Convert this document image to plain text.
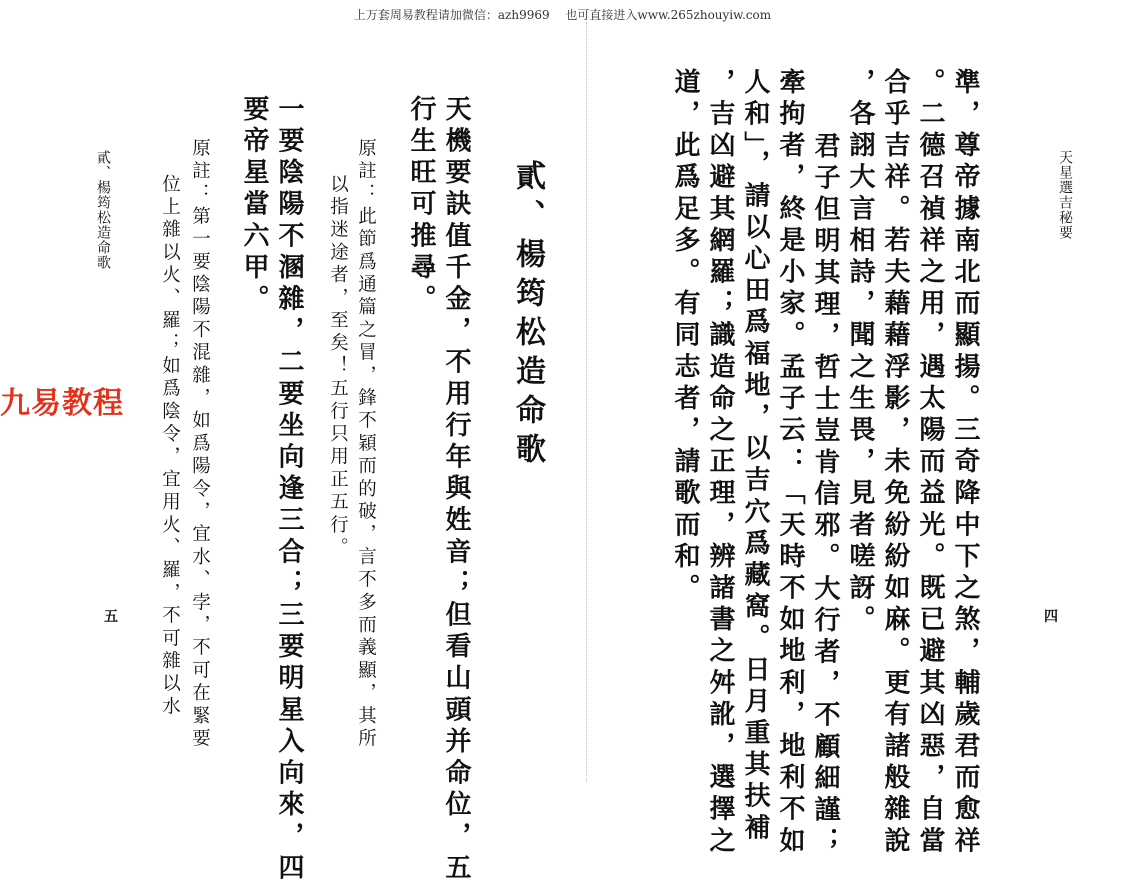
上万套周易教程请加微信：azh9969　 也可直接进入www.265zhouyiw.com
天星選吉秘要
四
準，尊帝據南北而顯揚。三奇降中下之煞，輔歲君而愈祥
。二德召禎祥之用，遇太陽而益光。既已避其凶惡，自當
合乎吉祥。若夫藉藉浮影，未免紛紛如麻。更有諸般雜說
，各詡大言相詩，聞之生畏，見者嗟訝。
君子但明其理，哲士豈肯信邪。大行者，不顧細謹；
牽拘者，終是小家。孟子云：「天時不如地利，地利不如
人和」，請以心田爲福地，以吉穴爲藏窩。日月重其扶補
，吉凶避其網羅；識造命之正理，辨諸書之舛訛，選擇之
道，此爲足多。有同志者，請歌而和。
貳、楊筠松造命歌
天機要訣值千金，不用行年與姓音；但看山頭并命位，五
行生旺可推尋。
原註：此節爲通篇之冒，鋒不穎而的破，言不多而義顯，其所
以指迷途者，至矣！五行只用正五行。
一要陰陽不溷雜，二要坐向逢三合；三要明星入向來，四
要帝星當六甲。
原註：第一要陰陽不混雜，如爲陽令，宜水、孛，不可在緊要
位上雜以火、羅；如爲陰令，宜用火、羅，不可雜以水
貳、楊筠松造命歌
五
九易教程
